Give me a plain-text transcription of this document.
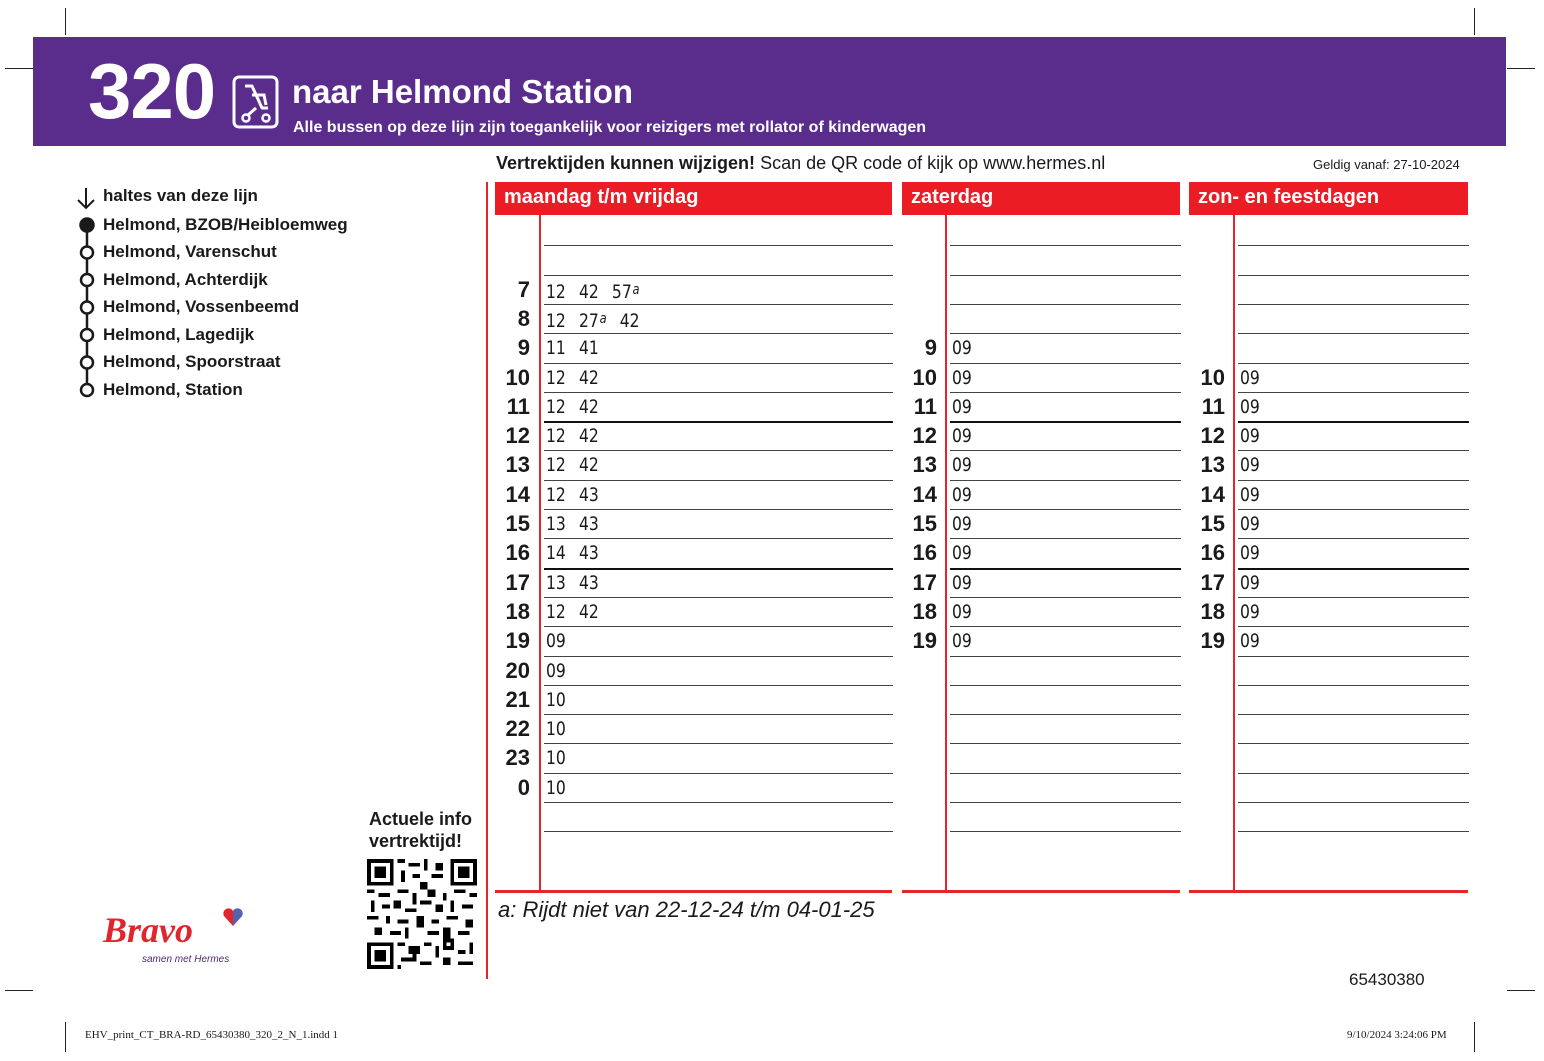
320 naar Helmond Station
Alle bussen op deze lijn zijn toegankelijk voor reizigers met rollator of kinderwagen
Vertrektijden kunnen wijzigen! Scan de QR code of kijk op www.hermes.nl	Geldig vanaf: 27-10-2024
haltes van deze lijn
Helmond, BZOB/Heibloemweg
Helmond, Varenschut
Helmond, Achterdijk
Helmond, Vossenbeemd
Helmond, Lagedijk
Helmond, Spoorstraat
Helmond, Station
maandag t/m vrijdag	zaterdag	zon- en feestdagen
7 12 42 57$^a$
8 12 27$^a$ 42
9 11 41
10 12 42
11 12 42
12 12 42
13 12 42
14 12 43
15 13 43
16 14 43
17 13 43
18 12 42
19 09
20 09
21 10
22 10
23 10
0 10
9 09
10 09
11 09
12 09
13 09
14 09
15 09
16 09
17 09
18 09
19 09
10 09
11 09
12 09
13 09
14 09
15 09
16 09
17 09
18 09
19 09
a: Rijdt niet van 22-12-24 t/m 04-01-25
Actuele info
vertrektijd!
Bravo
samen met Hermes
65430380
EHV_print_CT_BRA-RD_65430380_320_2_N_1.indd 1	9/10/2024 3:24:06 PM
